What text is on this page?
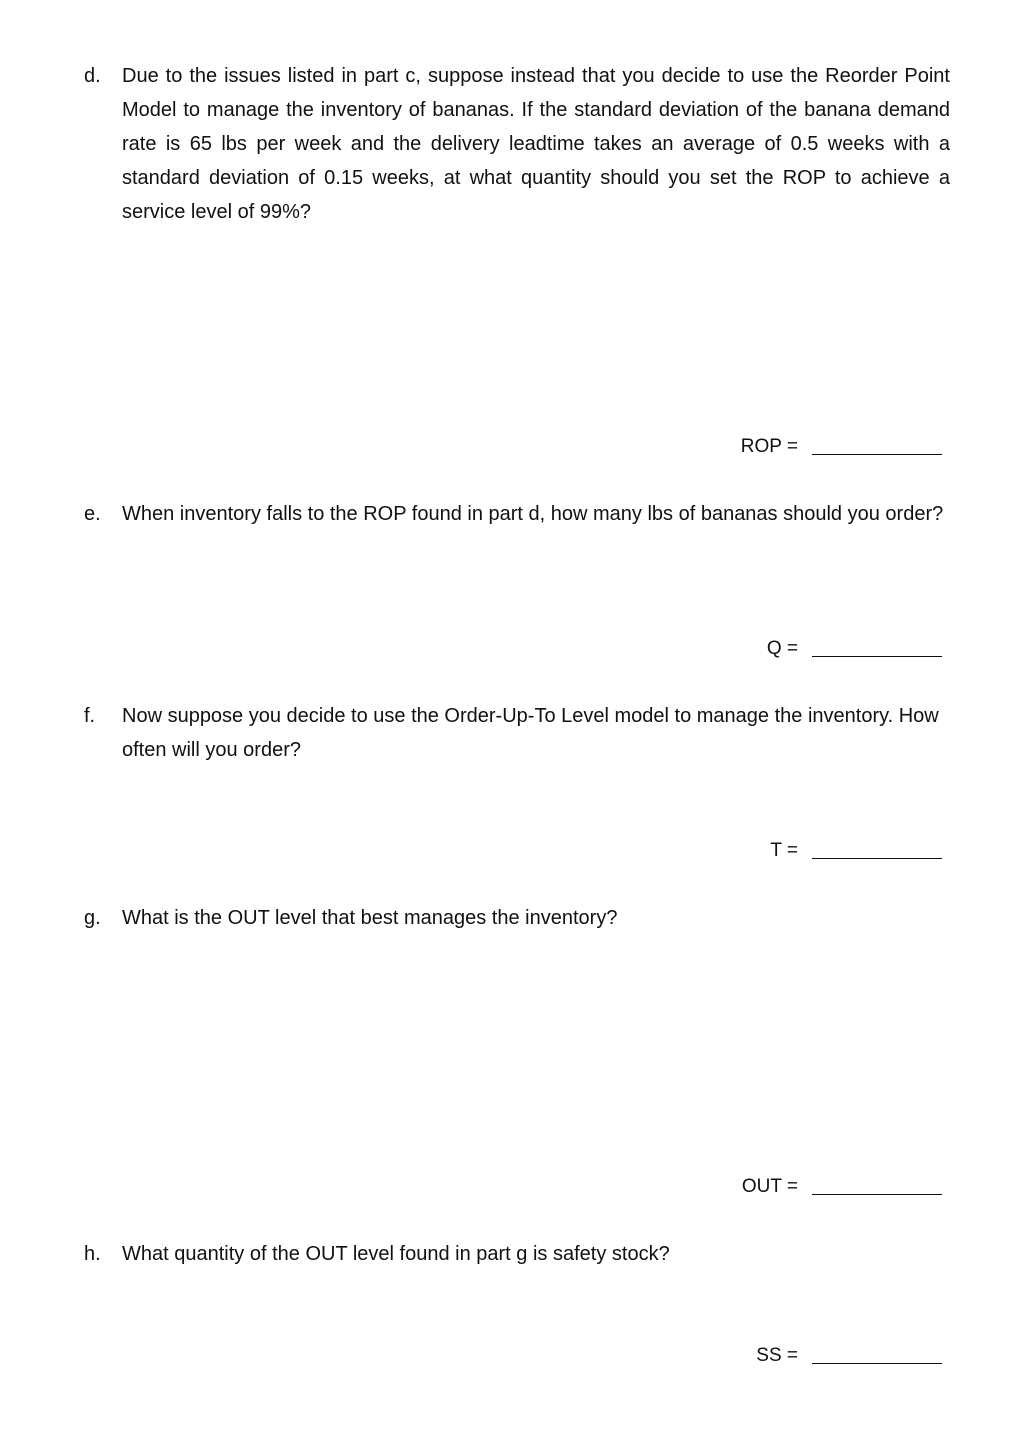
d.	Due to the issues listed in part c, suppose instead that you decide to use the Reorder Point Model to manage the inventory of bananas. If the standard deviation of the banana demand rate is 65 lbs per week and the delivery leadtime takes an average of 0.5 weeks with a standard deviation of 0.15 weeks, at what quantity should you set the ROP to achieve a service level of 99%?
ROP =
e.	When inventory falls to the ROP found in part d, how many lbs of bananas should you order?
Q =
f.	Now suppose you decide to use the Order-Up-To Level model to manage the inventory. How often will you order?
T =
g.	What is the OUT level that best manages the inventory?
OUT =
h.	What quantity of the OUT level found in part g is safety stock?
SS =
